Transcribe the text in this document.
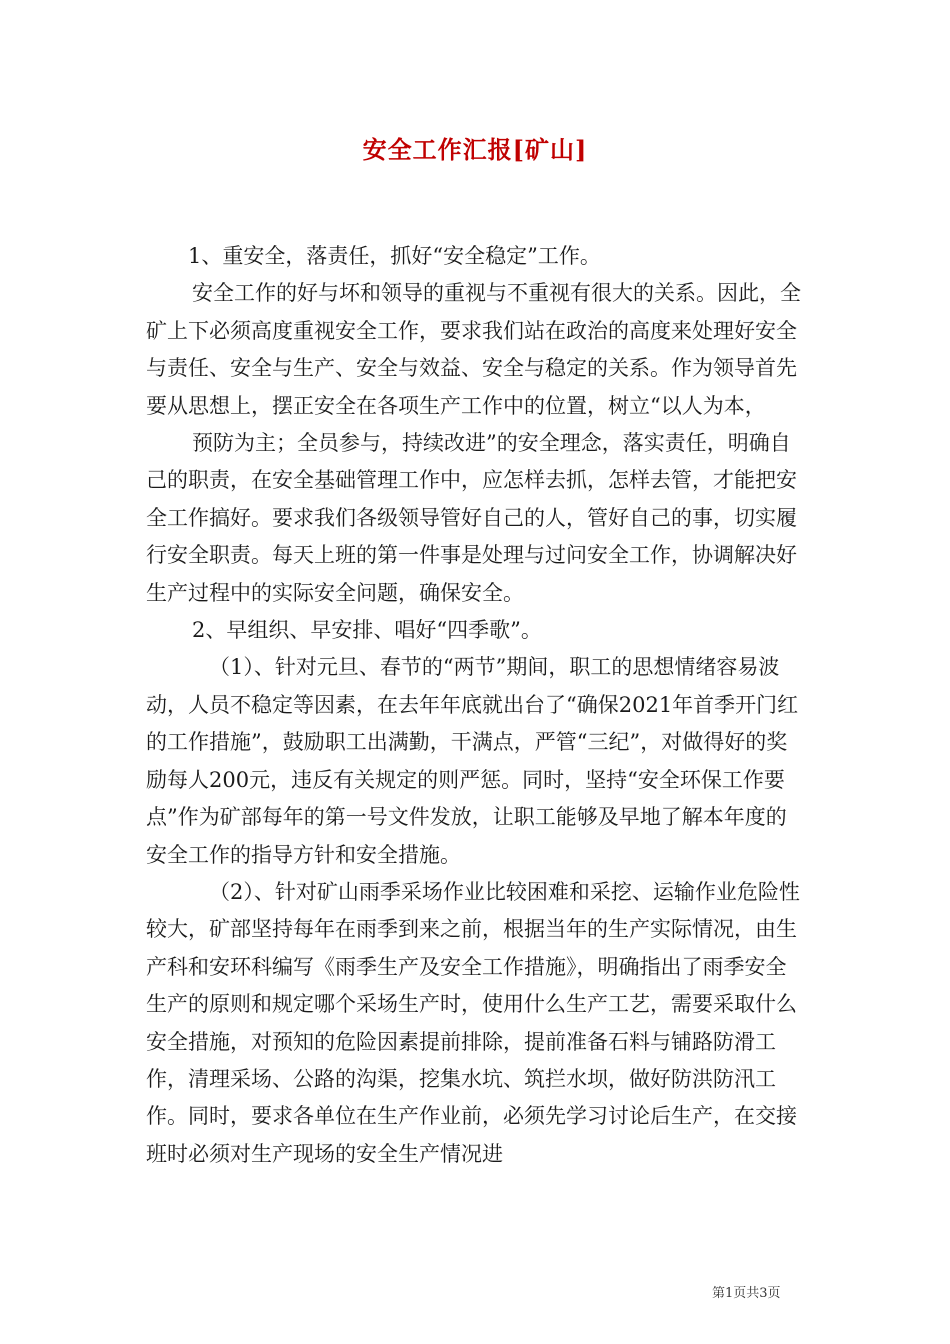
安全工作汇报[矿山]

1、重安全，落责任，抓好“安全稳定”工作。

安全工作的好与坏和领导的重视与不重视有很大的关系。因此，全矿上下必须高度重视安全工作，要求我们站在政治的高度来处理好安全与责任、安全与生产、安全与效益、安全与稳定的关系。作为领导首先要从思想上，摆正安全在各项生产工作中的位置，树立“以人为本，

预防为主；全员参与，持续改进”的安全理念，落实责任，明确自己的职责，在安全基础管理工作中，应怎样去抓，怎样去管，才能把安全工作搞好。要求我们各级领导管好自己的人，管好自己的事，切实履行安全职责。每天上班的第一件事是处理与过问安全工作，协调解决好生产过程中的实际安全问题，确保安全。

2、早组织、早安排、唱好“四季歌”。

（1）、针对元旦、春节的“两节”期间，职工的思想情绪容易波动，人员不稳定等因素，在去年年底就出台了“确保2021年首季开门红的工作措施”，鼓励职工出满勤，干满点，严管“三纪”，对做得好的奖励每人200元，违反有关规定的则严惩。同时，坚持“安全环保工作要点”作为矿部每年的第一号文件发放，让职工能够及早地了解本年度的安全工作的指导方针和安全措施。

（2）、针对矿山雨季采场作业比较困难和采挖、运输作业危险性较大，矿部坚持每年在雨季到来之前，根据当年的生产实际情况，由生产科和安环科编写《雨季生产及安全工作措施》，明确指出了雨季安全生产的原则和规定哪个采场生产时，使用什么生产工艺，需要采取什么安全措施，对预知的危险因素提前排除，提前准备石料与铺路防滑工作，清理采场、公路的沟渠，挖集水坑、筑拦水坝，做好防洪防汛工作。同时，要求各单位在生产作业前，必须先学习讨论后生产，在交接班时必须对生产现场的安全生产情况进

第1页共3页
